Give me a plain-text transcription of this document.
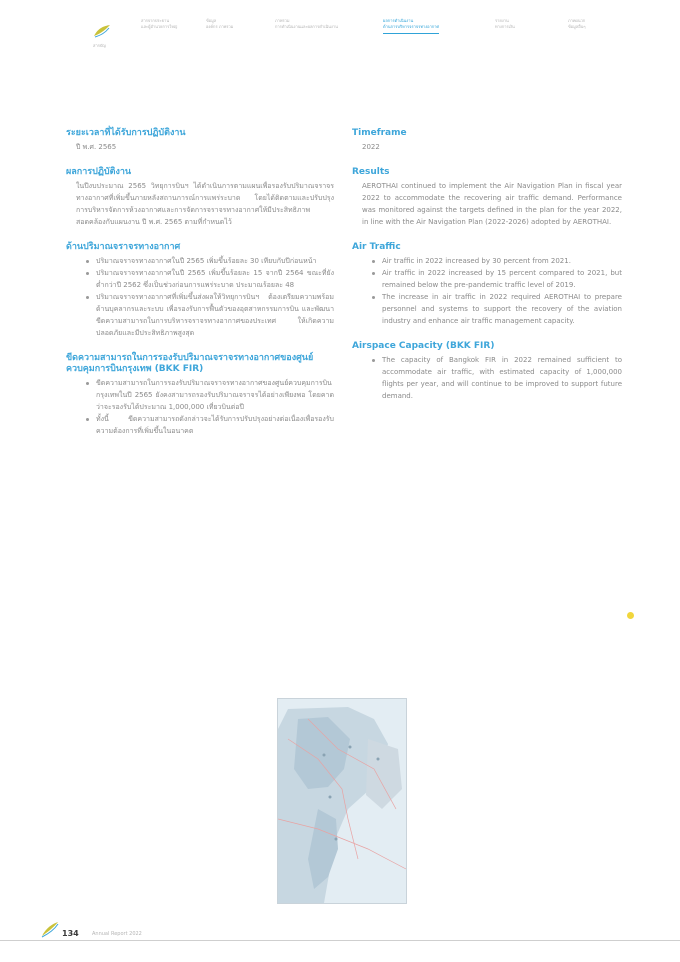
สารบัญ
สารจากประธาน
และผู้อำนวยการใหญ่
ข้อมูล
องค์กร ภาพรวม
ภาพรวม
การดำเนินงานและผลการดำเนินงาน
ผลการดำเนินงาน
ด้านการบริหารจราจรทางอากาศ
รายงาน
ทางการเงิน
ภาคผนวก
ข้อมูลอื่นๆ
ระยะเวลาที่ได้รับการปฏิบัติงาน

ปี พ.ศ. 2565

ผลการปฏิบัติงาน

ในปีงบประมาณ 2565 วิทยุการบินฯ ได้ดำเนินการตามแผนเพื่อรองรับปริมาณจราจรทางอากาศที่เพิ่มขึ้นภายหลังสถานการณ์การแพร่ระบาด โดยได้ติดตามและปรับปรุงการบริหารจัดการห้วงอากาศและการจัดการจราจรทางอากาศให้มีประสิทธิภาพ สอดคล้องกับแผนงาน ปี พ.ศ. 2565 ตามที่กำหนดไว้

ด้านปริมาณจราจรทางอากาศ

ปริมาณจราจรทางอากาศในปี 2565 เพิ่มขึ้นร้อยละ 30 เทียบกับปีก่อนหน้า

ปริมาณจราจรทางอากาศในปี 2565 เพิ่มขึ้นร้อยละ 15 จากปี 2564 ขณะที่ยังต่ำกว่าปี 2562 ซึ่งเป็นช่วงก่อนการแพร่ระบาด ประมาณร้อยละ 48

ปริมาณจราจรทางอากาศที่เพิ่มขึ้นส่งผลให้วิทยุการบินฯ ต้องเตรียมความพร้อมด้านบุคลากรและระบบ เพื่อรองรับการฟื้นตัวของอุตสาหกรรมการบิน และพัฒนาขีดความสามารถในการบริหารจราจรทางอากาศของประเทศ ให้เกิดความปลอดภัยและมีประสิทธิภาพสูงสุด

ขีดความสามารถในการรองรับปริมาณจราจรทางอากาศของศูนย์ควบคุมการบินกรุงเทพ (BKK FIR)

ขีดความสามารถในการรองรับปริมาณจราจรทางอากาศของศูนย์ควบคุมการบินกรุงเทพในปี 2565 ยังคงสามารถรองรับปริมาณจราจรได้อย่างเพียงพอ โดยคาดว่าจะรองรับได้ประมาณ 1,000,000 เที่ยวบินต่อปี

ทั้งนี้ ขีดความสามารถดังกล่าวจะได้รับการปรับปรุงอย่างต่อเนื่องเพื่อรองรับความต้องการที่เพิ่มขึ้นในอนาคต

Timeframe

2022

Results

AEROTHAI continued to implement the Air Navigation Plan in fiscal year 2022 to accommodate the recovering air traffic demand. Performance was monitored against the targets defined in the plan for the year 2022, in line with the Air Navigation Plan (2022-2026) adopted by AEROTHAI.

Air Traffic

Air traffic in 2022 increased by 30 percent from 2021.

Air traffic in 2022 increased by 15 percent compared to 2021, but remained below the pre-pandemic traffic level of 2019.

The increase in air traffic in 2022 required AEROTHAI to prepare personnel and systems to support the recovery of the aviation industry and enhance air traffic management capacity.

Airspace Capacity (BKK FIR)

The capacity of Bangkok FIR in 2022 remained sufficient to accommodate air traffic, with estimated capacity of 1,000,000 flights per year, and will continue to be improved to support future demand.

134	Annual Report 2022
